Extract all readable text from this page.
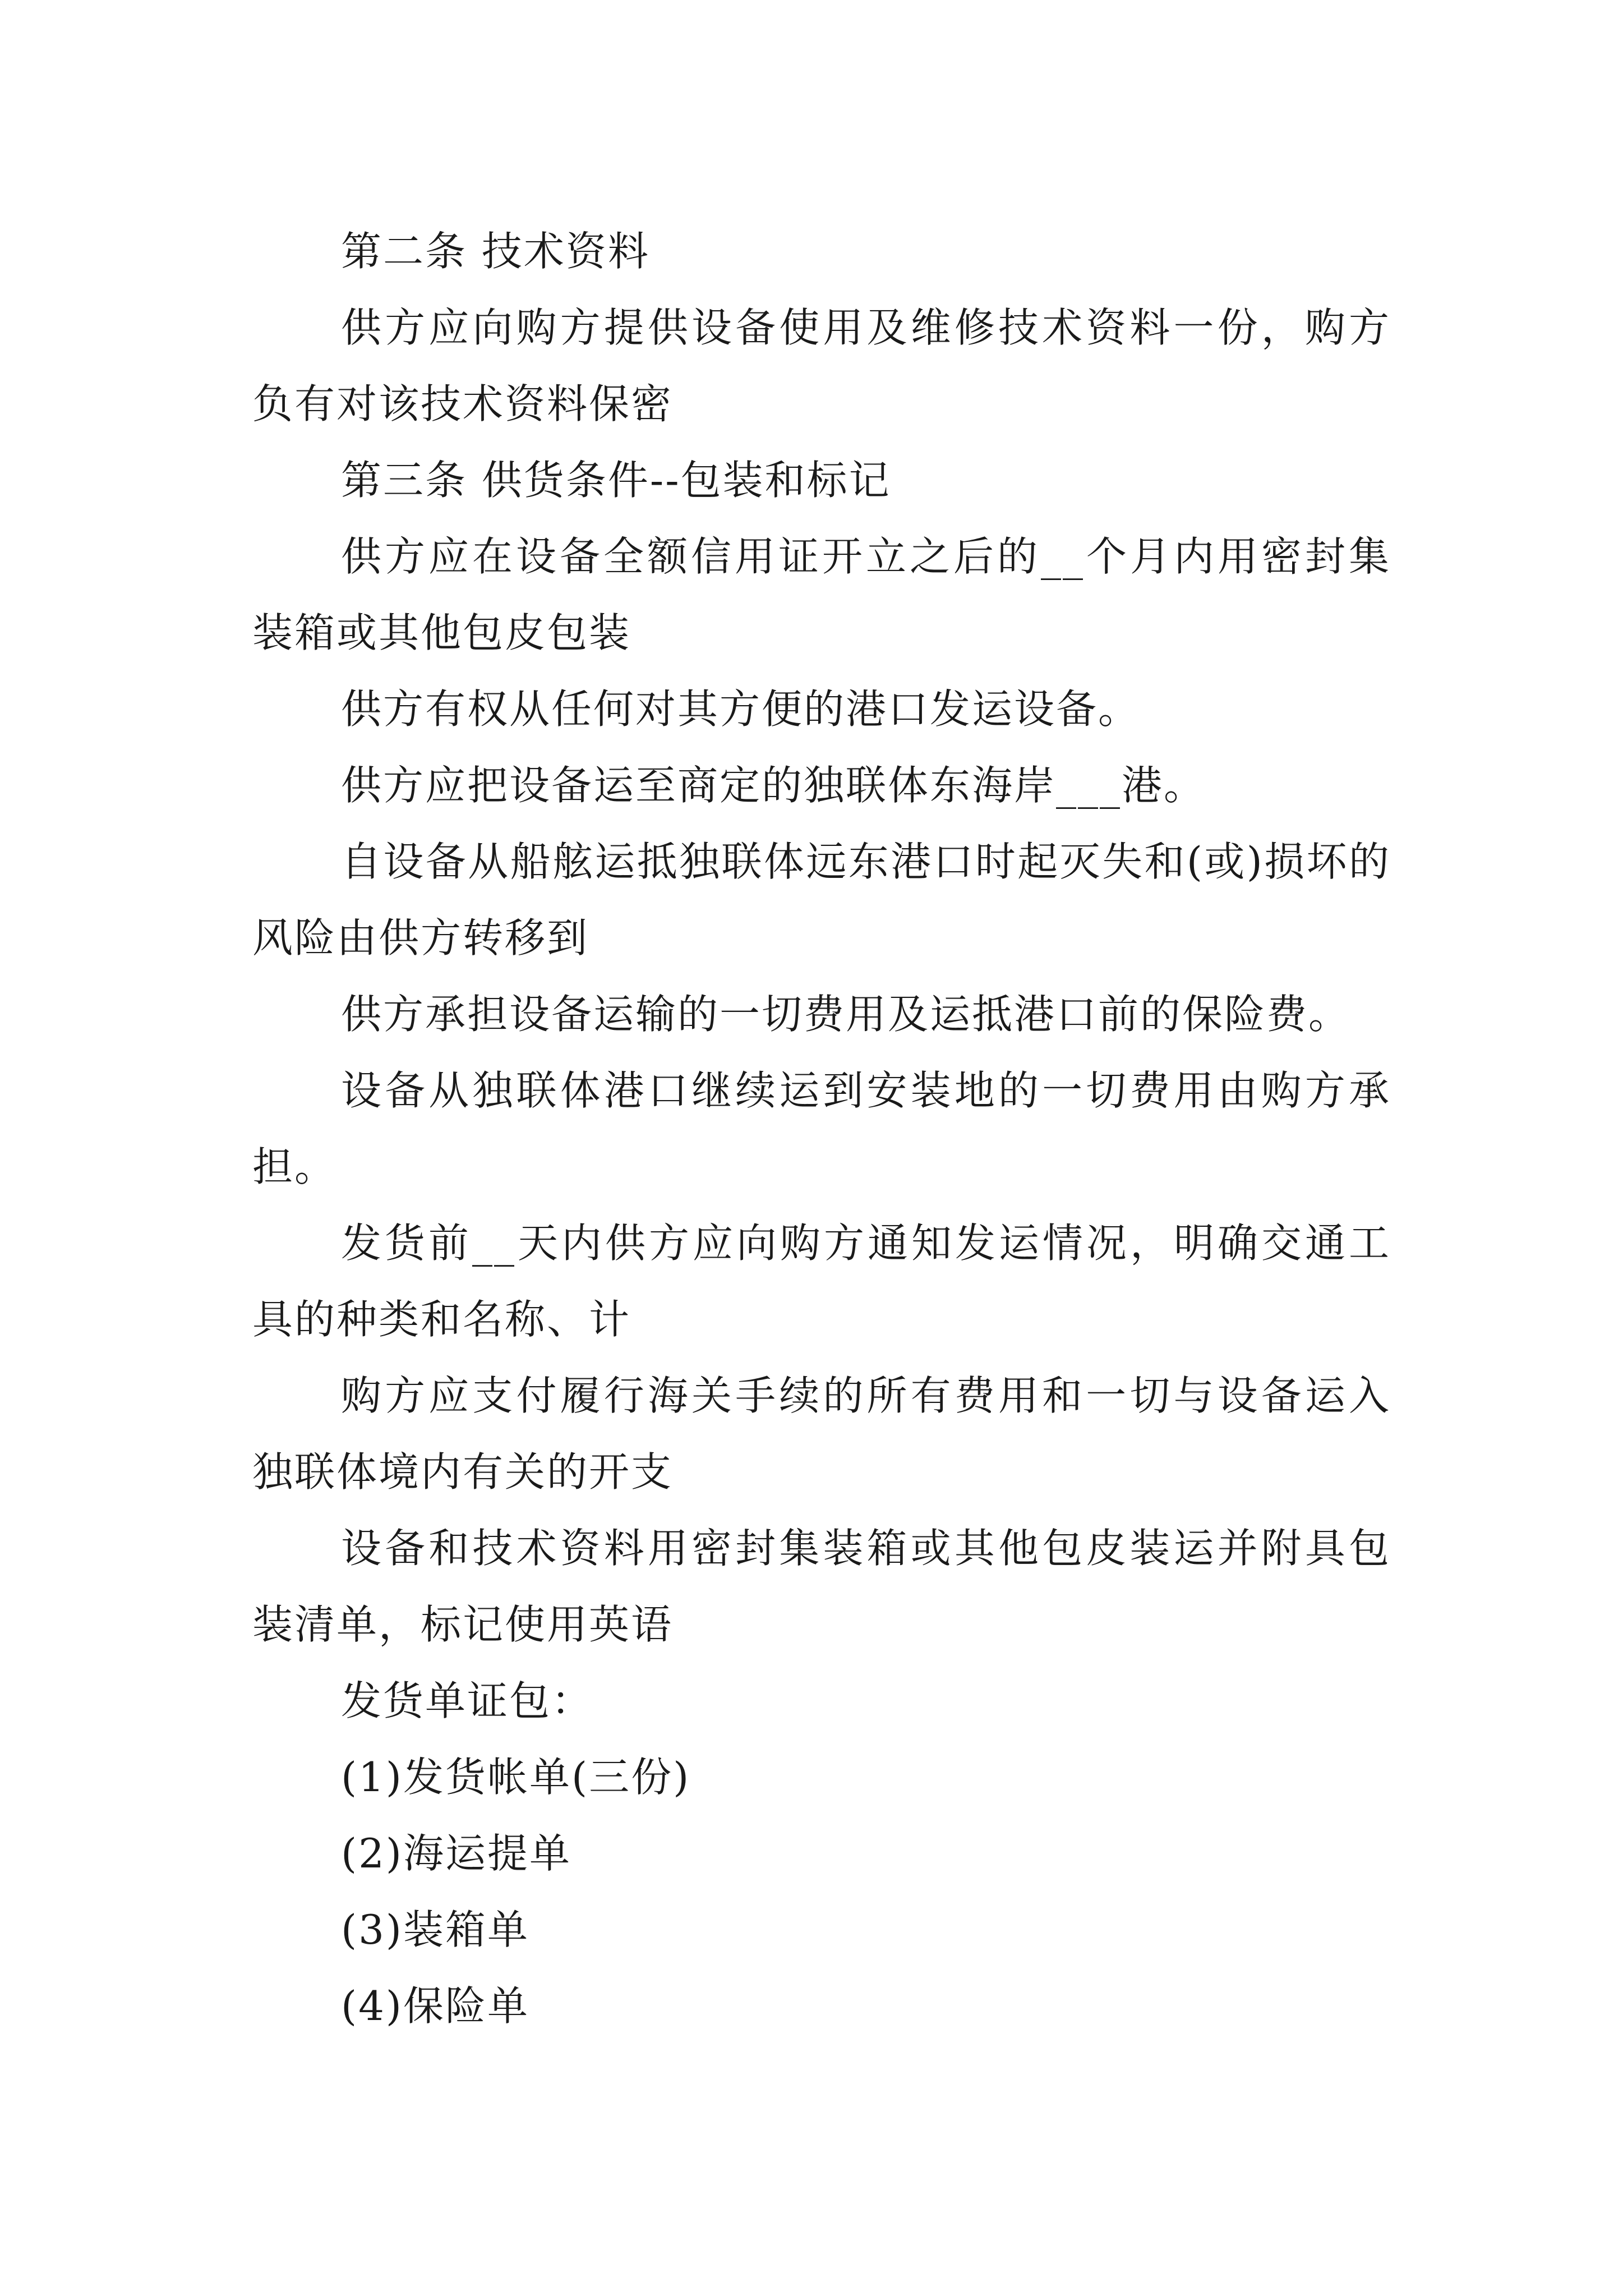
第二条 技术资料

供方应向购方提供设备使用及维修技术资料一份，购方负有对该技术资料保密

第三条 供货条件--包装和标记

供方应在设备全额信用证开立之后的__个月内用密封集装箱或其他包皮包装

供方有权从任何对其方便的港口发运设备。

供方应把设备运至商定的独联体东海岸___港。

自设备从船舷运抵独联体远东港口时起灭失和(或)损坏的风险由供方转移到

供方承担设备运输的一切费用及运抵港口前的保险费。

设备从独联体港口继续运到安装地的一切费用由购方承担。

发货前__天内供方应向购方通知发运情况，明确交通工具的种类和名称、计

购方应支付履行海关手续的所有费用和一切与设备运入独联体境内有关的开支

设备和技术资料用密封集装箱或其他包皮装运并附具包装清单，标记使用英语

发货单证包：

(1)发货帐单(三份)

(2)海运提单

(3)装箱单

(4)保险单
